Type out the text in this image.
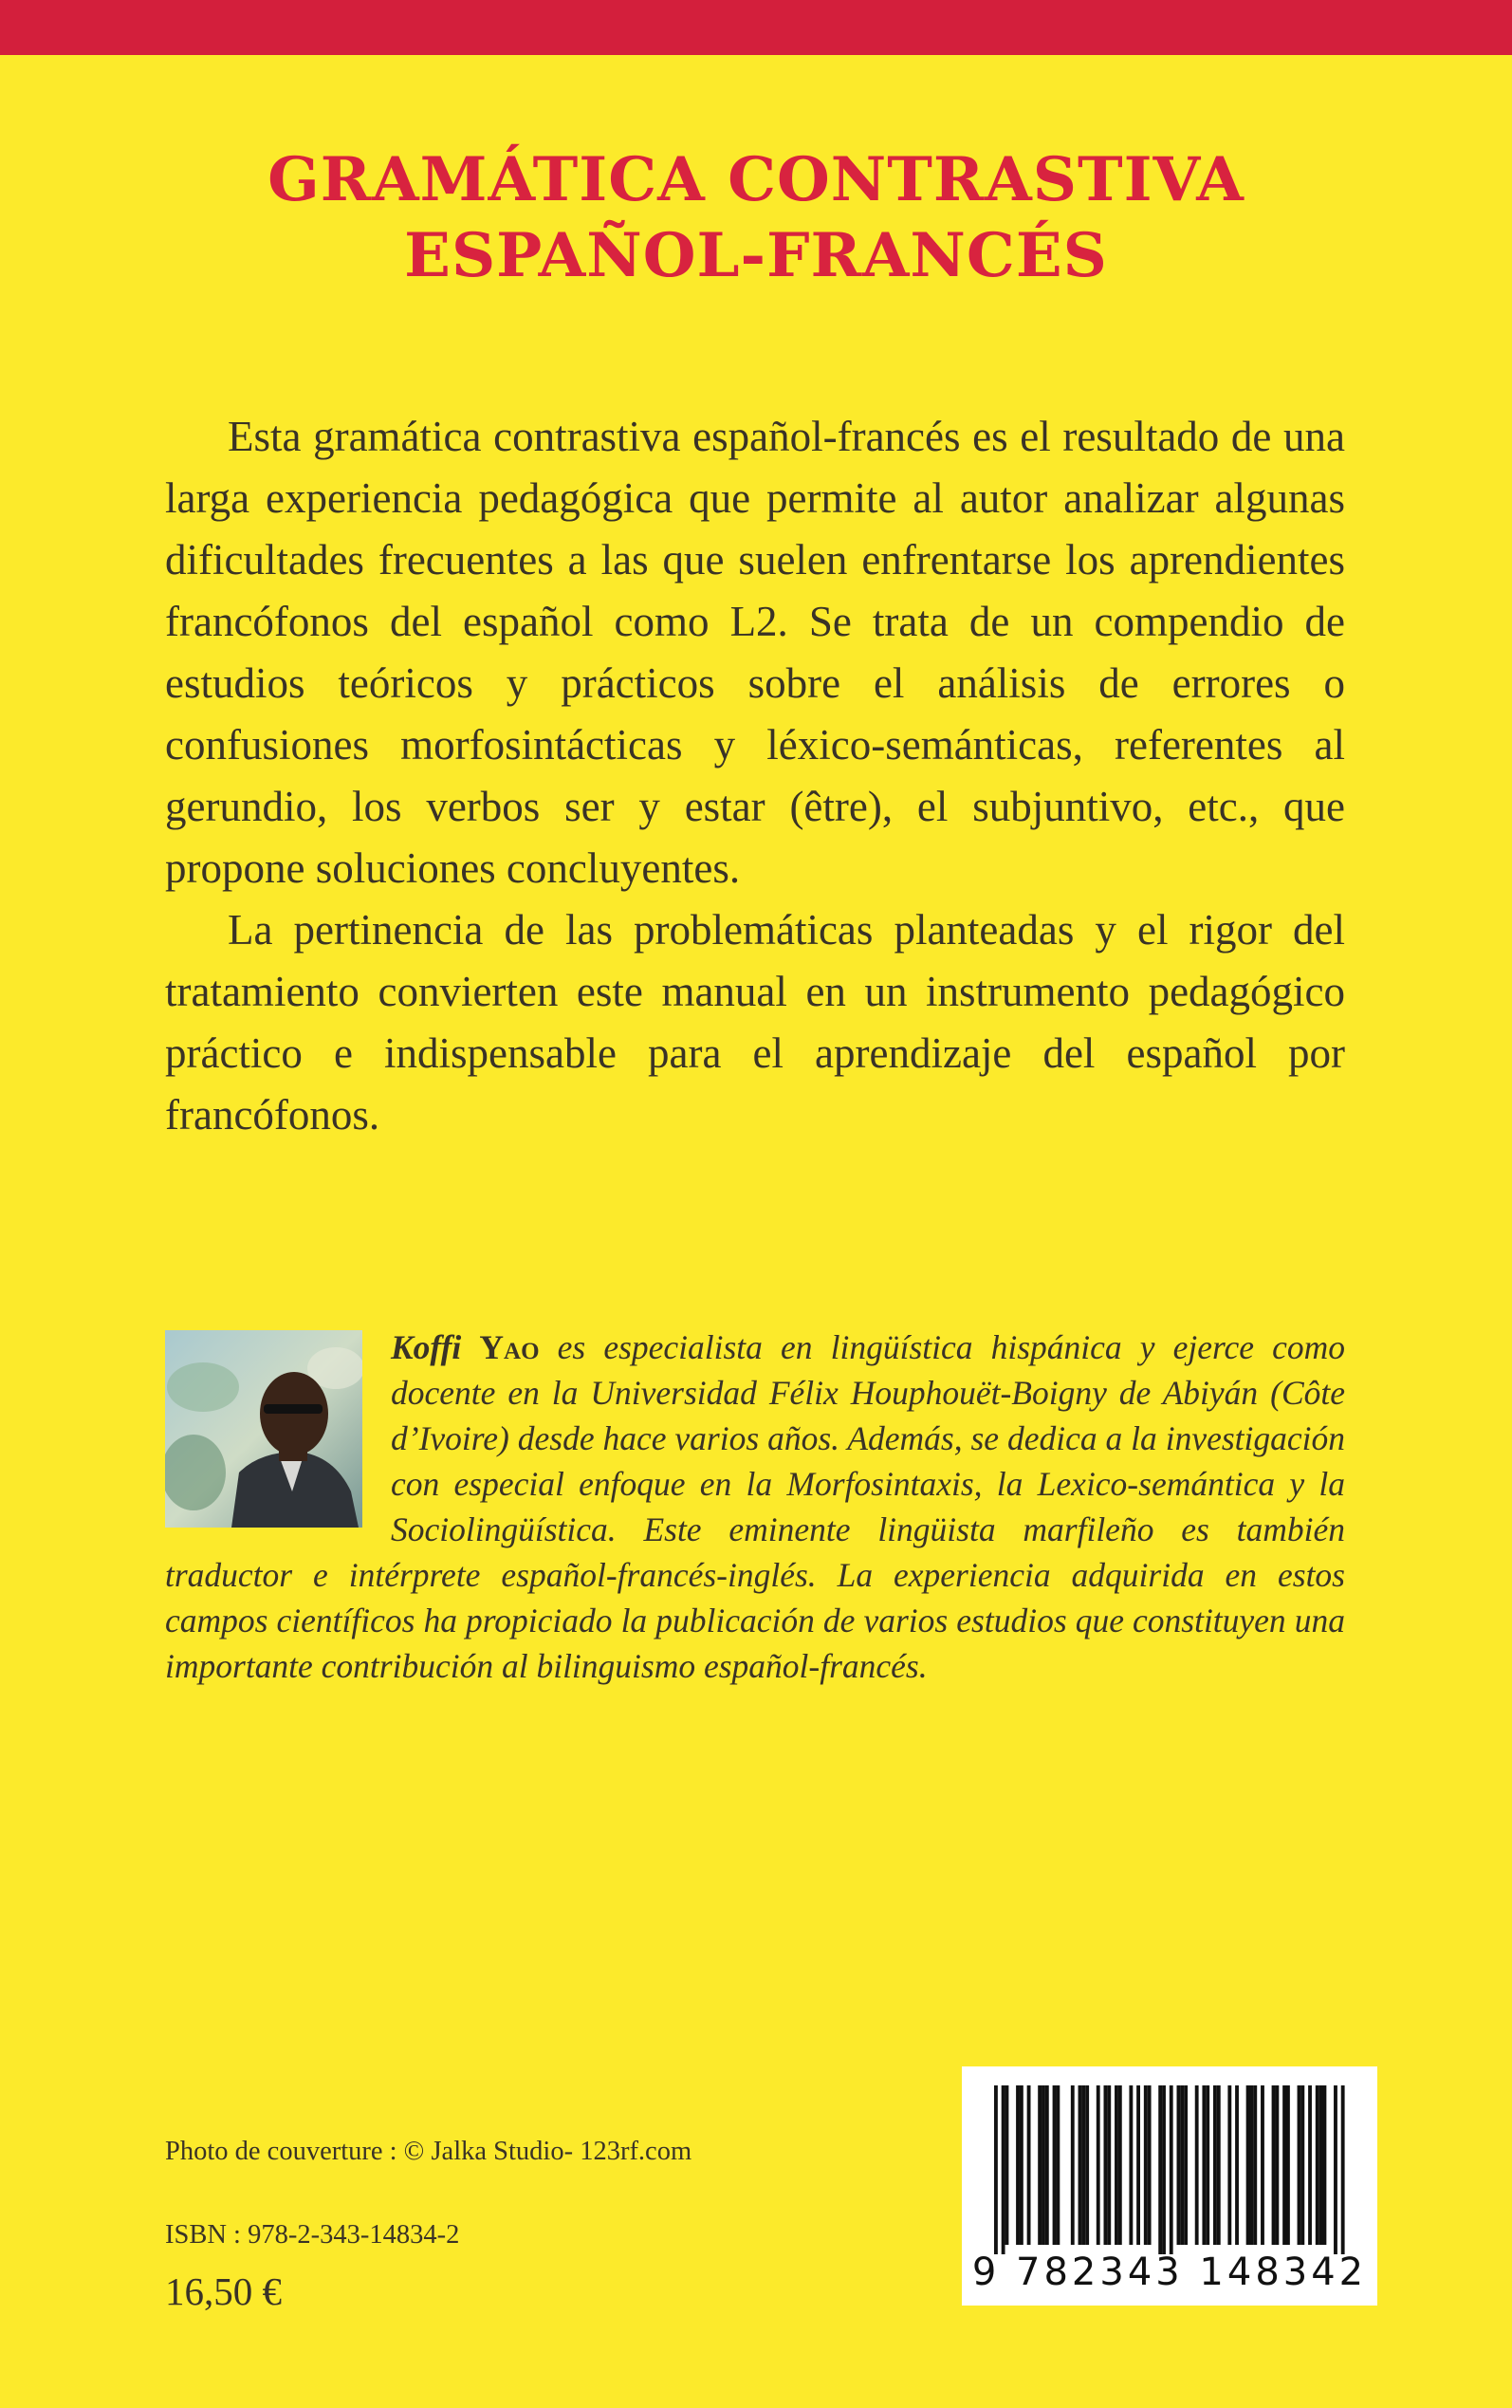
GRAMÁTICA CONTRASTIVA
ESPAÑOL-FRANCÉS

Esta gramática contrastiva español-francés es el resultado de una larga experiencia pedagógica que permite al autor analizar algunas dificultades frecuentes a las que suelen enfrentarse los aprendientes francófonos del español como L2. Se trata de un compendio de estudios teóricos y prácticos sobre el análisis de errores o confusiones morfosintácticas y léxico-semánticas, referentes al gerundio, los verbos ser y estar (être), el subjuntivo, etc., que propone soluciones concluyentes.

La pertinencia de las problemáticas planteadas y el rigor del tratamiento convierten este manual en un instrumento pedagógico práctico e indispensable para el aprendizaje del español por francófonos.

Koffi Yao es especialista en lingüística hispánica y ejerce como docente en la Universidad Félix Houphouët-Boigny de Abiyán (Côte d’Ivoire) desde hace varios años. Además, se dedica a la investigación con especial enfoque en la Morfosintaxis, la Lexico-semántica y la Sociolingüística. Este eminente lingüista marfileño es también traductor e intérprete español-francés-inglés. La experiencia adquirida en estos campos científicos ha propiciado la publicación de varios estudios que constituyen una importante contribución al bilinguismo español-francés.
Photo de couverture : © Jalka Studio- 123rf.com
ISBN : 978-2-343-14834-2
16,50 €	9 782343 148342
